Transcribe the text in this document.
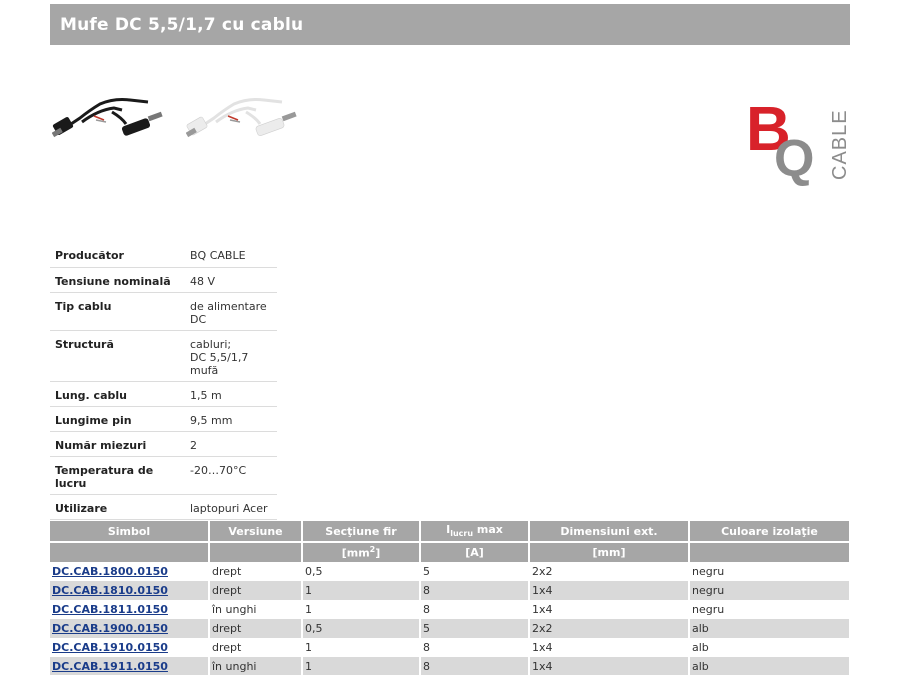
Mufe DC 5,5/1,7 cu cablu
B
Q CABLE
Producător	BQ CABLE

Tensiune nominală	48 V

Tip cablu	de alimentare DC

Structură	cabluri;
DC 5,5/1,7 mufă

Lung. cablu	1,5 m

Lungime pin	9,5 mm

Număr miezuri	2

Temperatura de lucru	-20…70°C

Utilizare	laptopuri Acer
Simbol	Versiune	Secţiune fir	$I_{lucru}$ max	Dimensiuni ext.	Culoare izolaţie
		$[mm^2]$	[A]	[mm]	
DC.CAB.1800.0150	drept	0,5	5	2x2	negru
DC.CAB.1810.0150	drept	1	8	1x4	negru
DC.CAB.1811.0150	în unghi	1	8	1x4	negru
DC.CAB.1900.0150	drept	0,5	5	2x2	alb
DC.CAB.1910.0150	drept	1	8	1x4	alb
DC.CAB.1911.0150	în unghi	1	8	1x4	alb
